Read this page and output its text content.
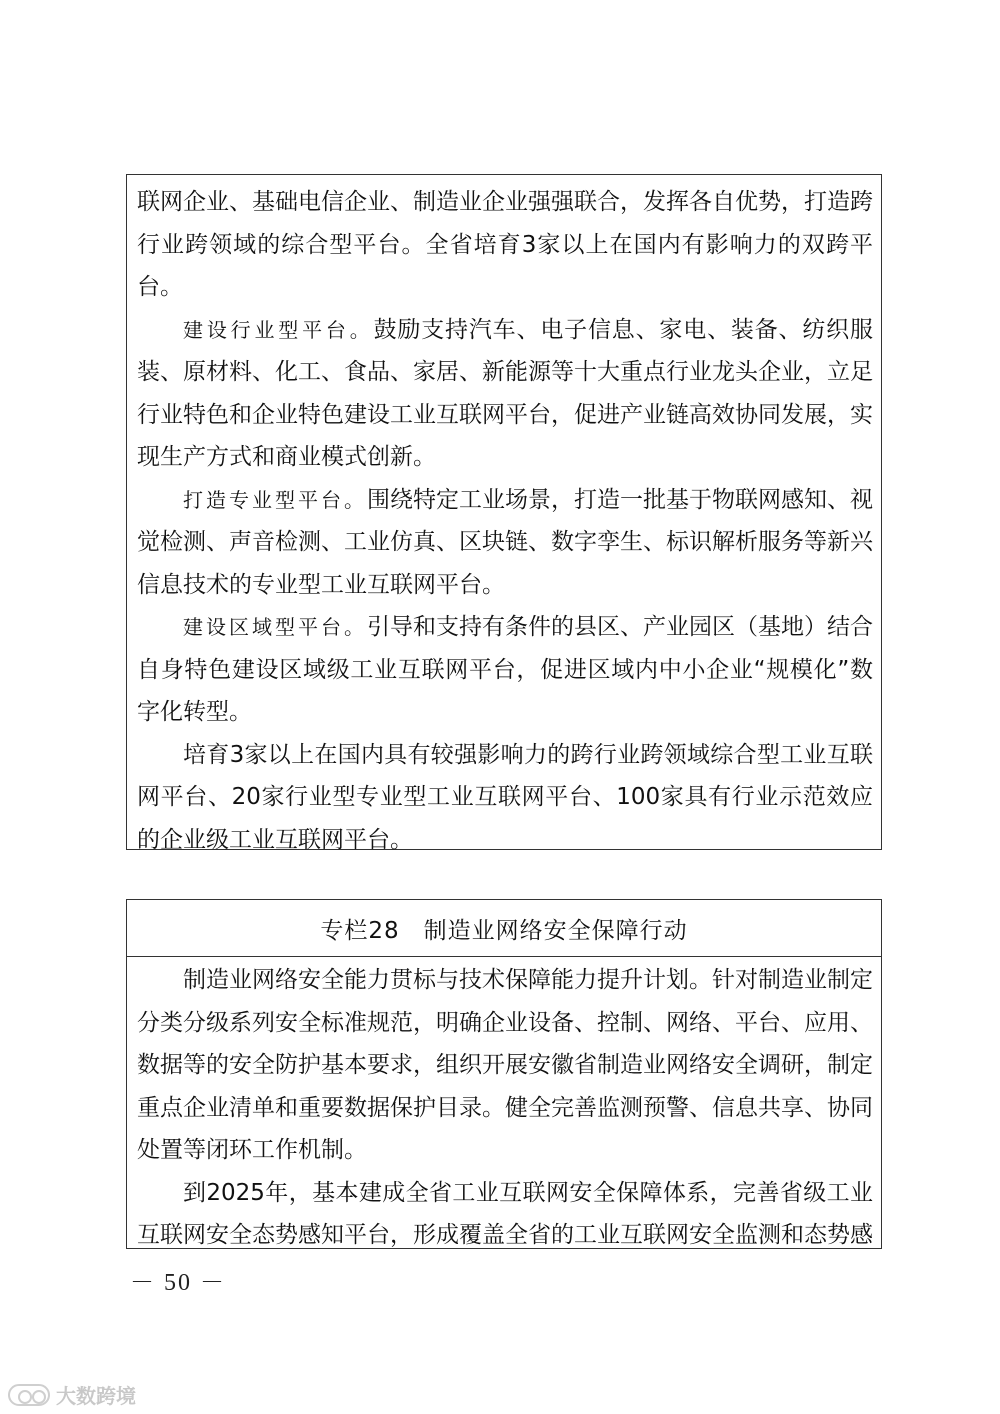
联网企业、基础电信企业、制造业企业强强联合，发挥各自优势，打造跨行业跨领域的综合型平台。全省培育3家以上在国内有影响力的双跨平台。

建设行业型平台。鼓励支持汽车、电子信息、家电、装备、纺织服装、原材料、化工、食品、家居、新能源等十大重点行业龙头企业，立足行业特色和企业特色建设工业互联网平台，促进产业链高效协同发展，实现生产方式和商业模式创新。

打造专业型平台。围绕特定工业场景，打造一批基于物联网感知、视觉检测、声音检测、工业仿真、区块链、数字孪生、标识解析服务等新兴信息技术的专业型工业互联网平台。

建设区域型平台。引导和支持有条件的县区、产业园区（基地）结合自身特色建设区域级工业互联网平台，促进区域内中小企业“规模化”数字化转型。

培育3家以上在国内具有较强影响力的跨行业跨领域综合型工业互联网平台、20家行业型专业型工业互联网平台、100家具有行业示范效应的企业级工业互联网平台。

专栏28　制造业网络安全保障行动

制造业网络安全能力贯标与技术保障能力提升计划。针对制造业制定分类分级系列安全标准规范，明确企业设备、控制、网络、平台、应用、数据等的安全防护基本要求，组织开展安徽省制造业网络安全调研，制定重点企业清单和重要数据保护目录。健全完善监测预警、信息共享、协同处置等闭环工作机制。

到2025年，基本建成全省工业互联网安全保障体系，完善省级工业互联网安全态势感知平台，形成覆盖全省的工业互联网安全监测和态势感

－ 50 －
大数跨境
